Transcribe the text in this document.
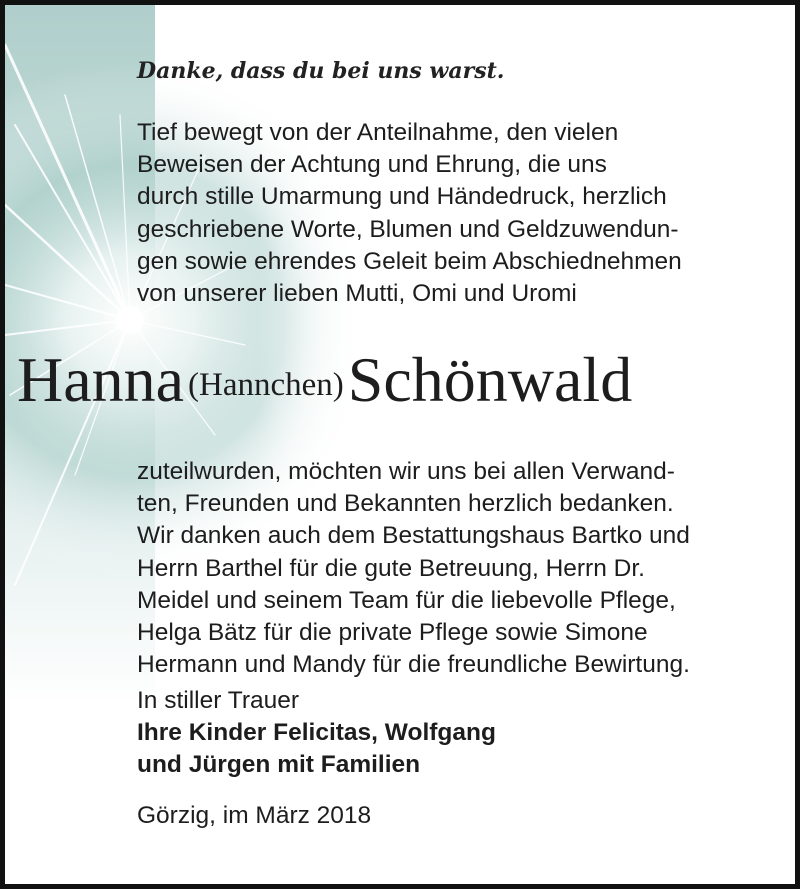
Danke, dass du bei uns warst.
Tief bewegt von der Anteilnahme, den vielen
Beweisen der Achtung und Ehrung, die uns
durch stille Umarmung und Händedruck, herzlich
geschriebene Worte, Blumen und Geldzuwendun-
gen sowie ehrendes Geleit beim Abschiednehmen
von unserer lieben Mutti, Omi und Uromi
Hanna (Hannchen) Schönwald
zuteilwurden, möchten wir uns bei allen Verwand-
ten, Freunden und Bekannten herzlich bedanken.
Wir danken auch dem Bestattungshaus Bartko und
Herrn Barthel für die gute Betreuung, Herrn Dr.
Meidel und seinem Team für die liebevolle Pflege,
Helga Bätz für die private Pflege sowie Simone
Hermann und Mandy für die freundliche Bewirtung.
In stiller Trauer
Ihre Kinder Felicitas, Wolfgang
und Jürgen mit Familien
Görzig, im März 2018
